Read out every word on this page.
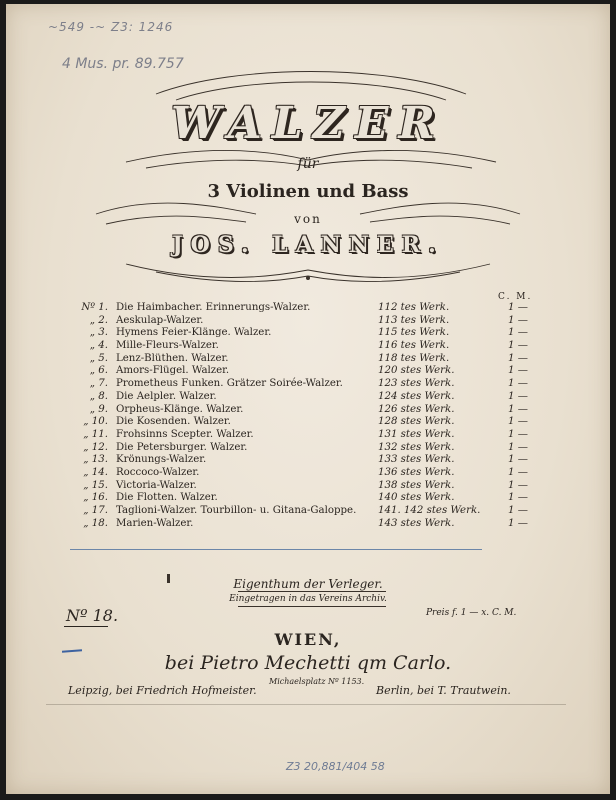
~549 -~ Z3: 1246
4 Mus. pr. 89.757
WALZER
für
3 Violinen und Bass
von
JOS. LANNER.
C. M.
Nº 1. Die Haimbacher. Erinnerungs-Walzer.	112 tes Werk.	1 —
„ 2. Aeskulap-Walzer.	113 tes Werk.	1 —
„ 3. Hymens Feier-Klänge. Walzer.	115 tes Werk.	1 —
„ 4. Mille-Fleurs-Walzer.	116 tes Werk.	1 —
„ 5. Lenz-Blüthen. Walzer.	118 tes Werk.	1 —
„ 6. Amors-Flügel. Walzer.	120 stes Werk.	1 —
„ 7. Prometheus Funken. Grätzer Soirée-Walzer.	123 stes Werk.	1 —
„ 8. Die Aelpler. Walzer.	124 stes Werk.	1 —
„ 9. Orpheus-Klänge. Walzer.	126 stes Werk.	1 —
„ 10. Die Kosenden. Walzer.	128 stes Werk.	1 —
„ 11. Frohsinns Scepter. Walzer.	131 stes Werk.	1 —
„ 12. Die Petersburger. Walzer.	132 stes Werk.	1 —
„ 13. Krönungs-Walzer.	133 stes Werk.	1 —
„ 14. Roccoco-Walzer.	136 stes Werk.	1 —
„ 15. Victoria-Walzer.	138 stes Werk.	1 —
„ 16. Die Flotten. Walzer.	140 stes Werk.	1 —
„ 17. Taglioni-Walzer. Tourbillon- u. Gitana-Galoppe. 141. 142 stes Werk.	1 —
„ 18. Marien-Walzer.	143 stes Werk.	1 —
Eigenthum der Verleger.
Eingetragen in das Vereins Archiv.
Nº 18.	Preis f. 1 — x. C. M.
WIEN,
bei Pietro Mechetti qm Carlo.
Leipzig, bei Friedrich Hofmeister.
Michaelsplatz Nº 1153.
Berlin, bei T. Trautwein.
Z3 20,881/404 58
